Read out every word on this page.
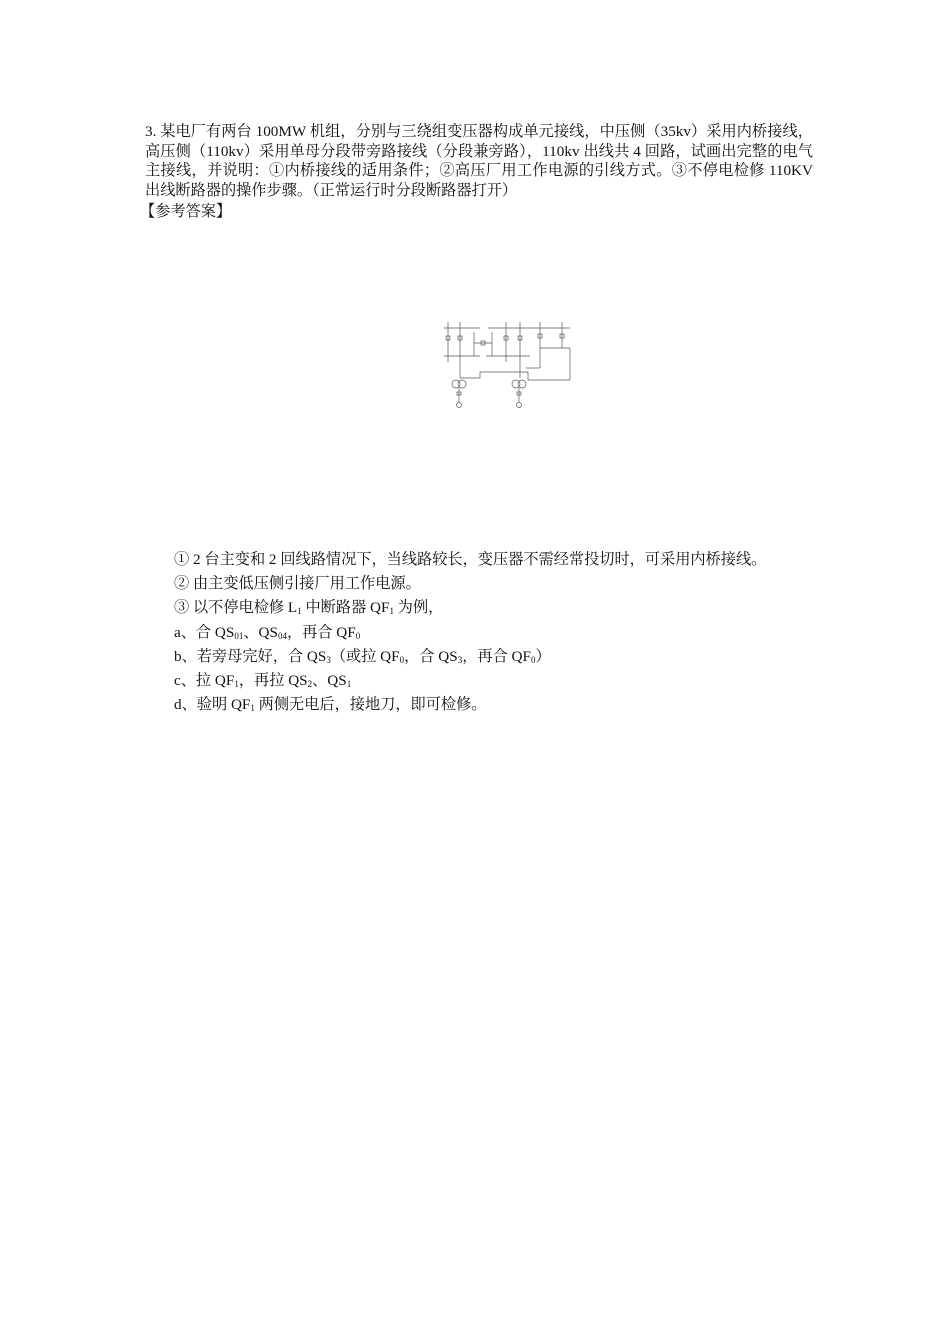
3. 某电厂有两台 100MW 机组，分别与三绕组变压器构成单元接线，中压侧（35kv）采用内桥接线，高压侧（110kv）采用单母分段带旁路接线（分段兼旁路），110kv 出线共 4 回路，试画出完整的电气主接线，并说明：①内桥接线的适用条件；②高压厂用工作电源的引线方式。③不停电检修 110KV 出线断路器的操作步骤。（正常运行时分段断路器打开）
【参考答案】
① 2 台主变和 2 回线路情况下，当线路较长，变压器不需经常投切时，可采用内桥接线。
② 由主变低压侧引接厂用工作电源。
③ 以不停电检修 $L_1$ 中断路器 $QF_1$ 为例，
a、合 $QS_{01}$、$QS_{04}$，再合 $QF_0$
b、若旁母完好，合 $QS_3$（或拉 $QF_0$，合 $QS_3$，再合 $QF_0$）
c、拉 $QF_1$，再拉 $QS_2$、$QS_1$
d、验明 $QF_1$ 两侧无电后，接地刀，即可检修。
